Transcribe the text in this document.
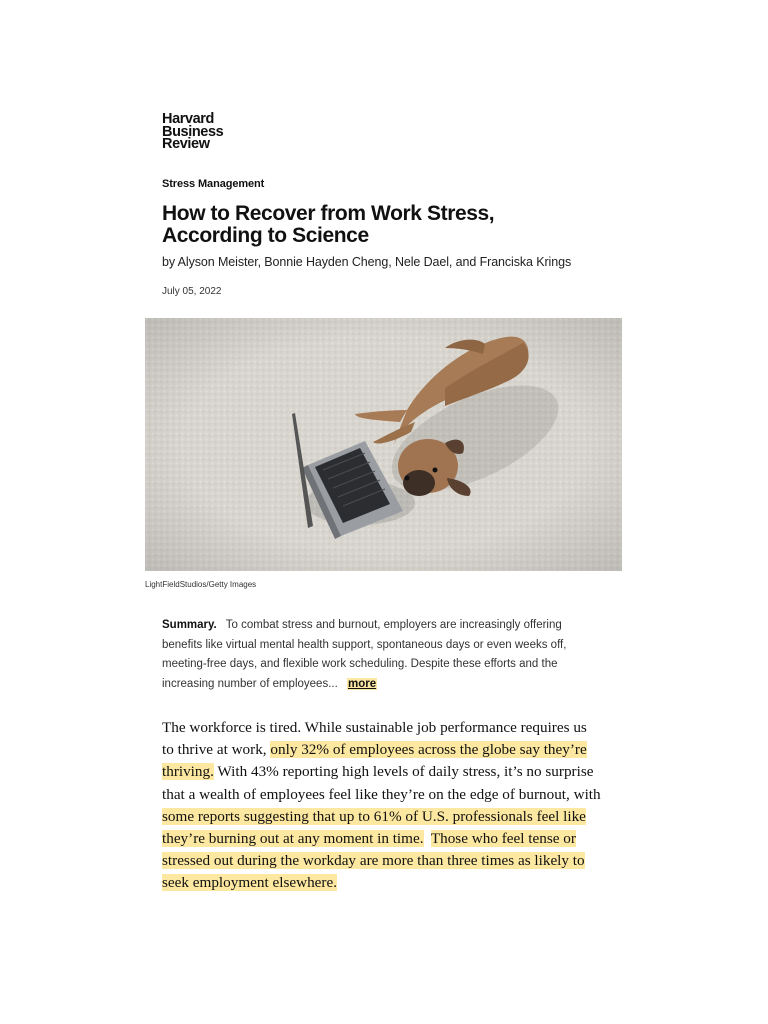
Harvard
Business
Review
Stress Management
How to Recover from Work Stress, According to Science
by Alyson Meister, Bonnie Hayden Cheng, Nele Dael, and Franciska Krings
July 05, 2022
LightFieldStudios/Getty Images
Summary. To combat stress and burnout, employers are increasingly offering benefits like virtual mental health support, spontaneous days or even weeks off, meeting-free days, and flexible work scheduling. Despite these efforts and the increasing number of employees... more
The workforce is tired. While sustainable job performance requires us to thrive at work, only 32% of employees across the globe say they’re thriving. With 43% reporting high levels of daily stress, it’s no surprise that a wealth of employees feel like they’re on the edge of burnout, with some reports suggesting that up to 61% of U.S. professionals feel like they’re burning out at any moment in time. Those who feel tense or stressed out during the workday are more than three times as likely to seek employment elsewhere.
